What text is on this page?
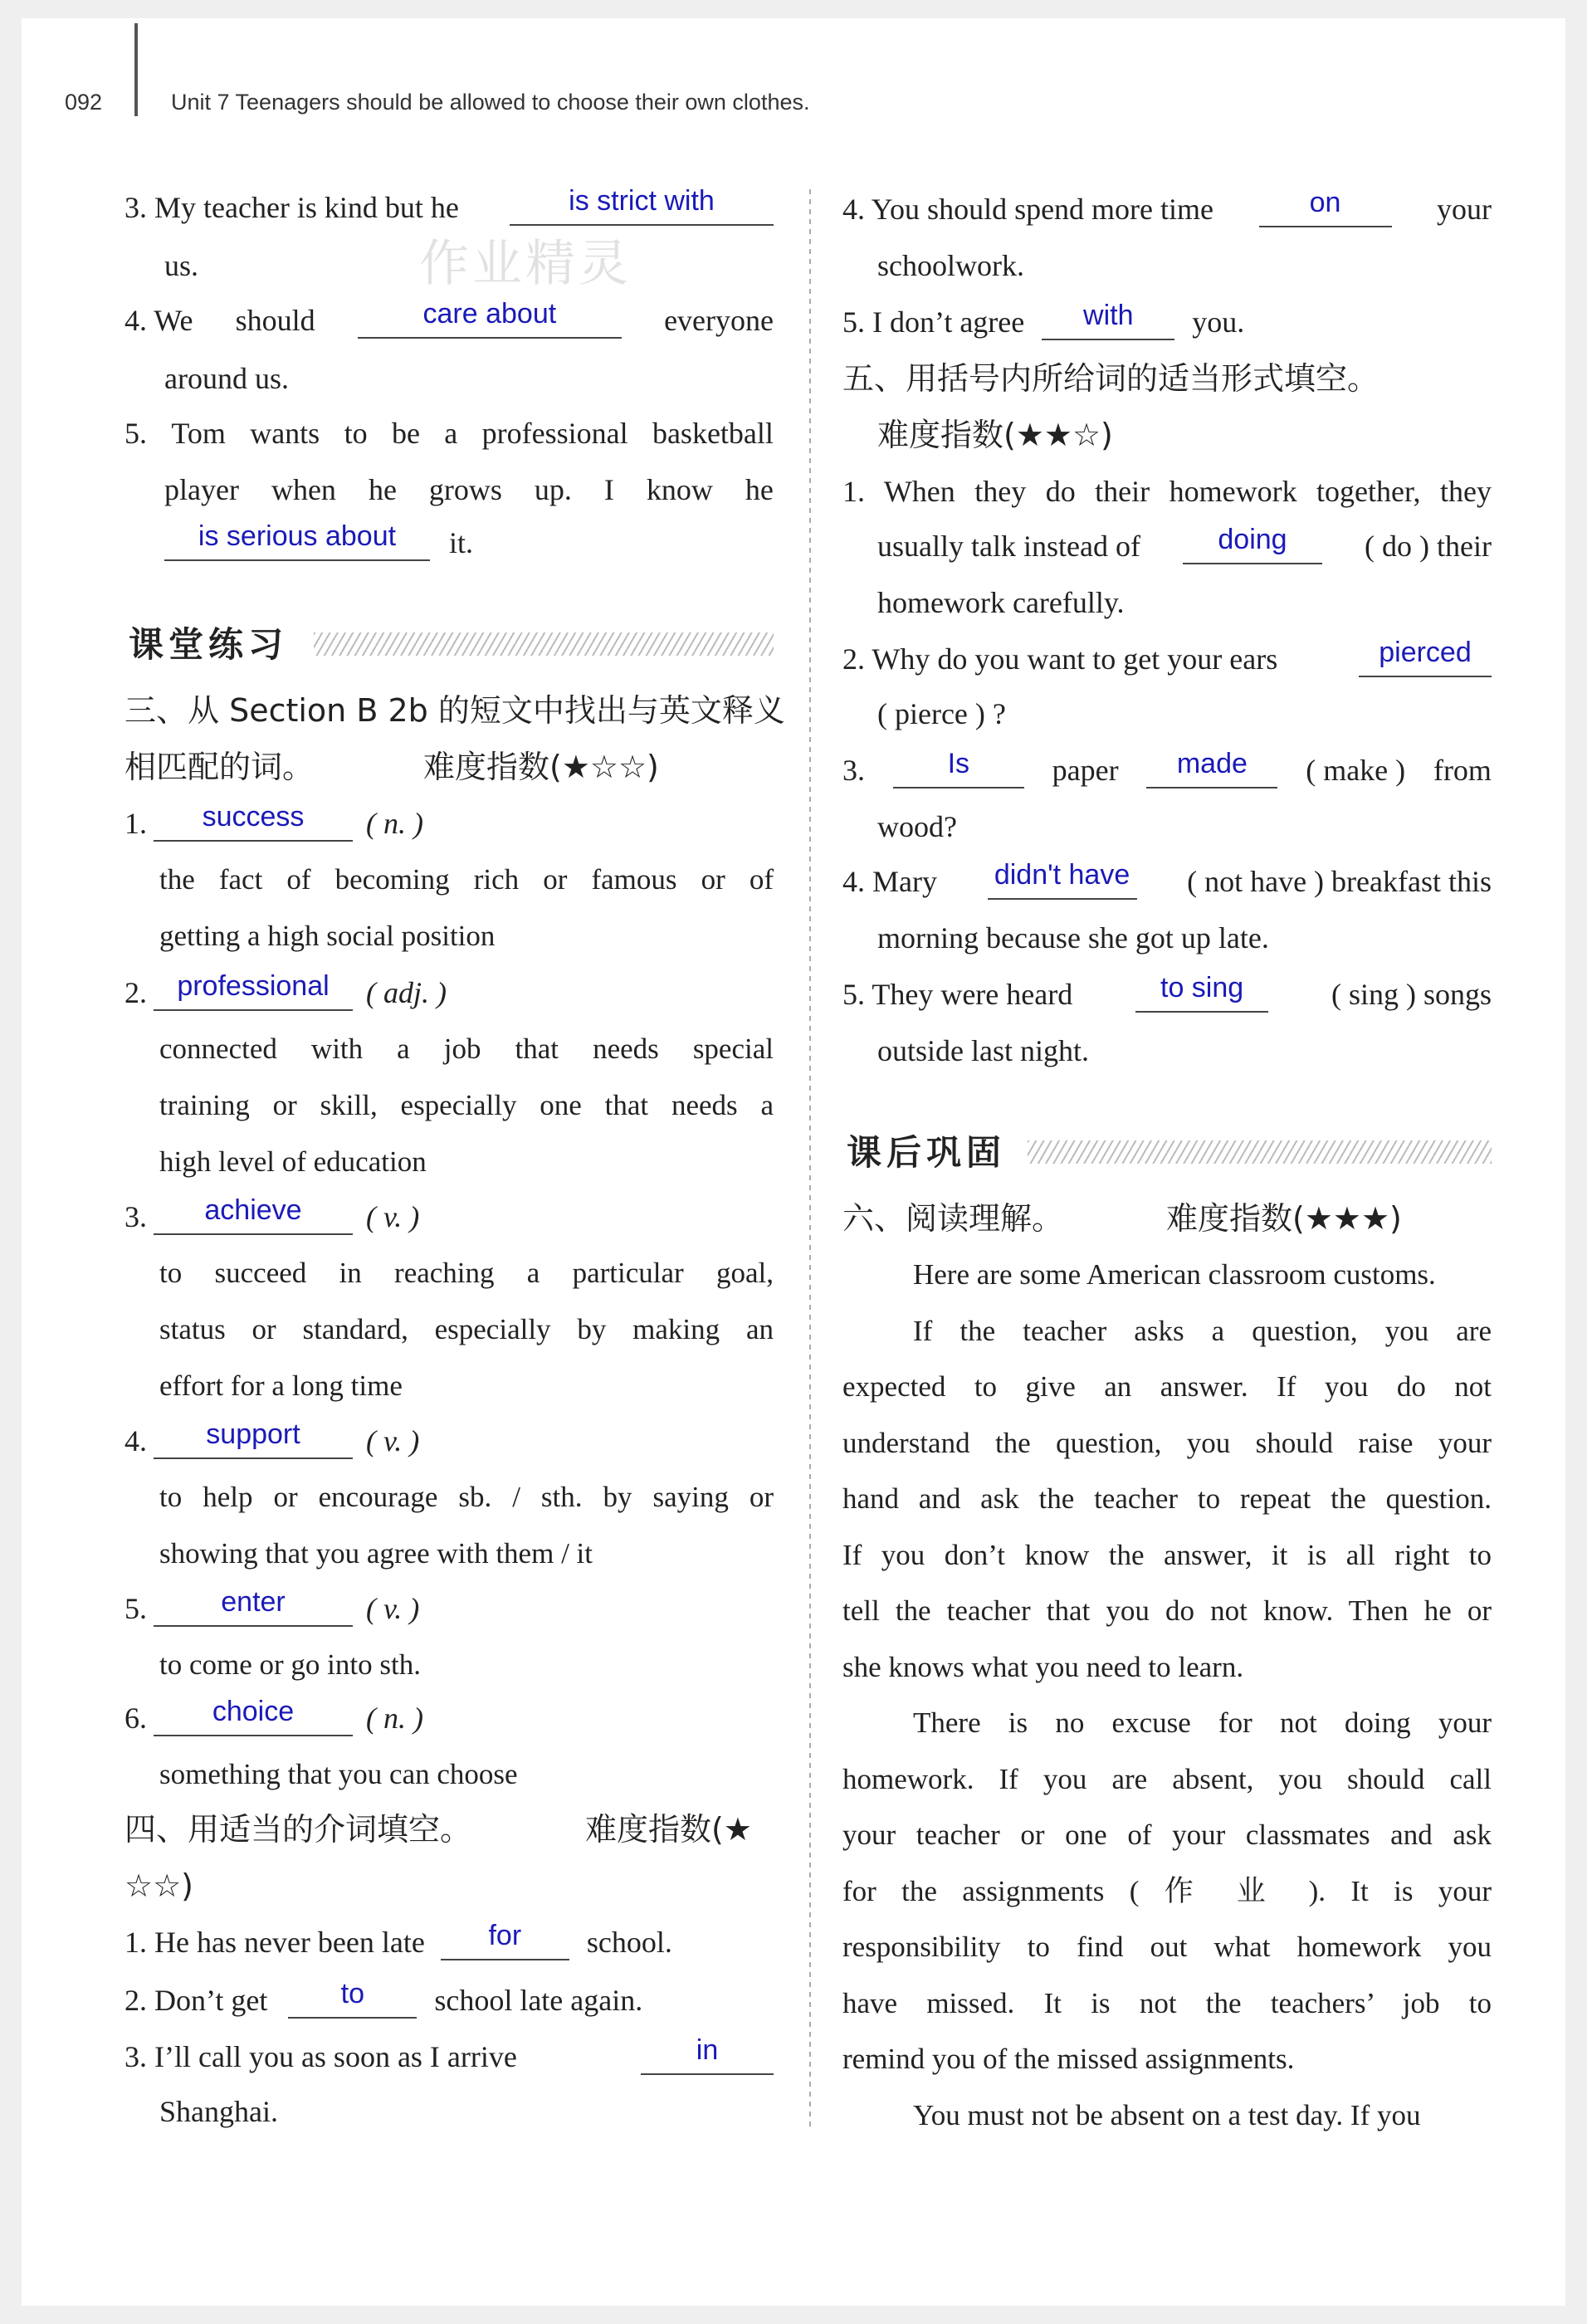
092	Unit 7 Teenagers should be allowed to choose their own clothes.
3. My teacher is kind but he	is strict with
us.	作业精灵
4. We should	care about	everyone
around us.
5. Tom wants to be a professional basketball
player when he grows up. I know he
is serious about	it.
课堂练习
三、从 Section B 2b 的短文中找出与英文释义
相匹配的词。	难度指数(★☆☆)
1.	success	( n. )
the fact of becoming rich or famous or of
getting a high social position
2.	professional	( adj. )
connected with a job that needs special
training or skill, especially one that needs a
high level of education
3.	achieve	( v. )
to succeed in reaching a particular goal,
status or standard, especially by making an
effort for a long time
4.	support	( v. )
to help or encourage sb. / sth. by saying or
showing that you agree with them / it
5.	enter	( v. )
to come or go into sth.
6.	choice	( n. )
something that you can choose
四、用适当的介词填空。	难度指数(★
☆☆)
1. He has never been late	for	school.
2. Don’t get	to	school late again.
3. I’ll call you as soon as I arrive	in
Shanghai.
4. You should spend more time	on	your
schoolwork.
5. I don’t agree	with	you.
五、用括号内所给词的适当形式填空。
难度指数(★★☆)
1. When they do their homework together, they
usually talk instead of	doing	( do ) their
homework carefully.
2. Why do you want to get your ears	pierced
( pierce ) ?
3.	Is	paper	made	( make ) from
wood?
4. Mary didn't have ( not have ) breakfast this
morning because she got up late.
5. They were heard	to sing	( sing ) songs
outside last night.
课后巩固
六、阅读理解。	难度指数(★★★)
Here are some American classroom customs.
If the teacher asks a question, you are
expected to give an answer. If you do not
understand the question, you should raise your
hand and ask the teacher to repeat the question.
If you don’t know the answer, it is all right to
tell the teacher that you do not know. Then he or
she knows what you need to learn.
There is no excuse for not doing your
homework. If you are absent, you should call
your teacher or one of your classmates and ask
for the assignments ( 作 业 ). It is your
responsibility to find out what homework you
have missed. It is not the teachers’ job to
remind you of the missed assignments.
You must not be absent on a test day. If you
